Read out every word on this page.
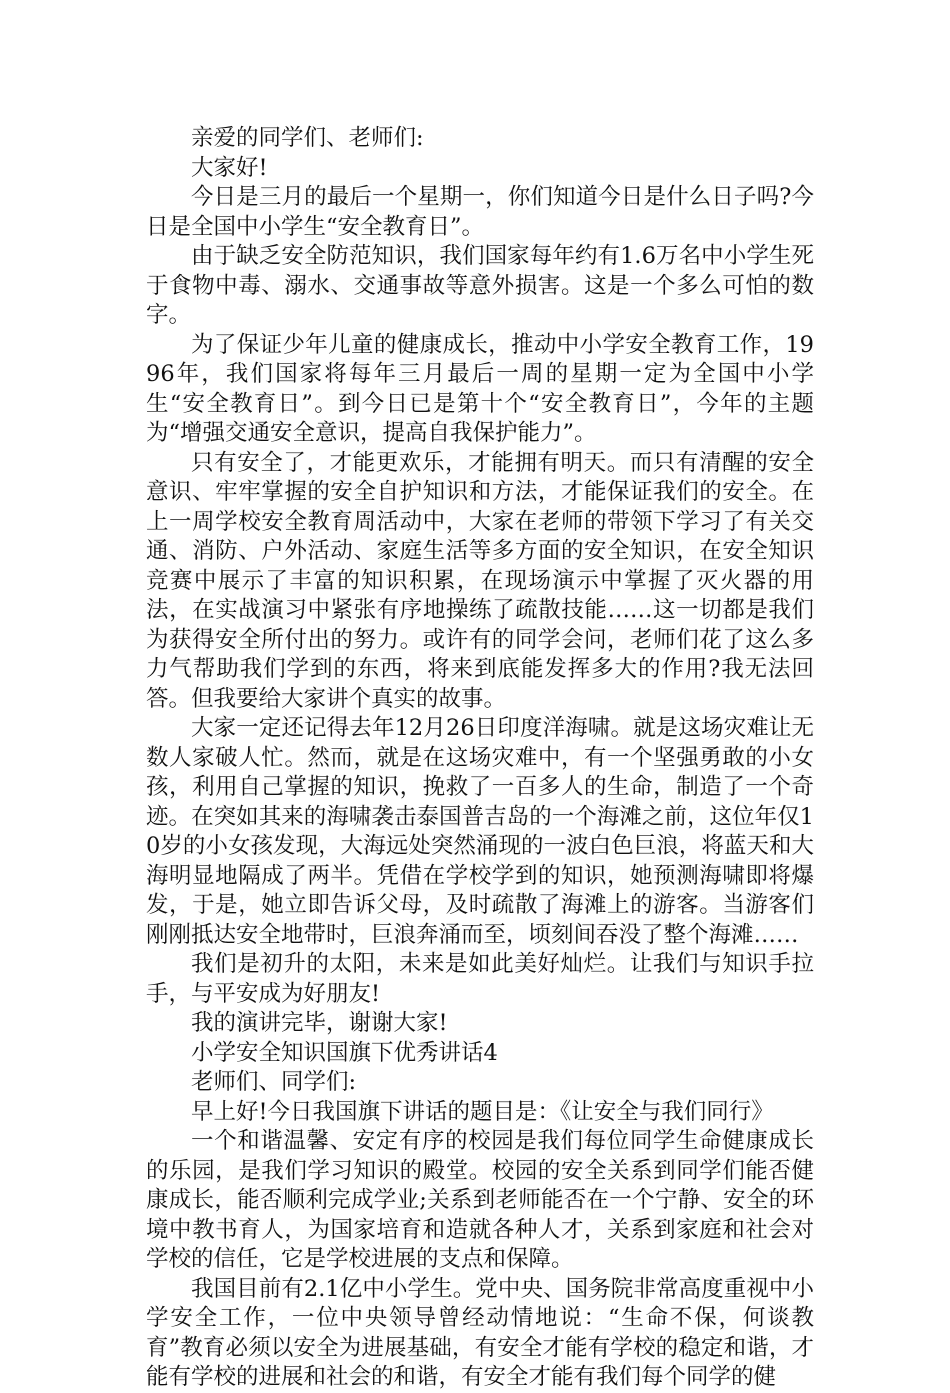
亲爱的同学们、老师们:

大家好!

今日是三月的最后一个星期一，你们知道今日是什么日子吗?今日是全国中小学生“安全教育日”。

由于缺乏安全防范知识，我们国家每年约有1.6万名中小学生死于食物中毒、溺水、交通事故等意外损害。这是一个多么可怕的数字。

为了保证少年儿童的健康成长，推动中小学安全教育工作，1996年，我们国家将每年三月最后一周的星期一定为全国中小学生“安全教育日”。到今日已是第十个“安全教育日”，今年的主题为“增强交通安全意识，提高自我保护能力”。

只有安全了，才能更欢乐，才能拥有明天。而只有清醒的安全意识、牢牢掌握的安全自护知识和方法，才能保证我们的安全。在上一周学校安全教育周活动中，大家在老师的带领下学习了有关交通、消防、户外活动、家庭生活等多方面的安全知识，在安全知识竞赛中展示了丰富的知识积累，在现场演示中掌握了灭火器的用法，在实战演习中紧张有序地操练了疏散技能……这一切都是我们为获得安全所付出的努力。或许有的同学会问，老师们花了这么多力气帮助我们学到的东西，将来到底能发挥多大的作用?我无法回答。但我要给大家讲个真实的故事。

大家一定还记得去年12月26日印度洋海啸。就是这场灾难让无数人家破人忙。然而，就是在这场灾难中，有一个坚强勇敢的小女孩，利用自己掌握的知识，挽救了一百多人的生命，制造了一个奇迹。在突如其来的海啸袭击泰国普吉岛的一个海滩之前，这位年仅10岁的小女孩发现，大海远处突然涌现的一波白色巨浪，将蓝天和大海明显地隔成了两半。凭借在学校学到的知识，她预测海啸即将爆发，于是，她立即告诉父母，及时疏散了海滩上的游客。当游客们刚刚抵达安全地带时，巨浪奔涌而至，顷刻间吞没了整个海滩……

我们是初升的太阳，未来是如此美好灿烂。让我们与知识手拉手，与平安成为好朋友!

我的演讲完毕，谢谢大家!

小学安全知识国旗下优秀讲话4

老师们、同学们:

早上好!今日我国旗下讲话的题目是：《让安全与我们同行》

一个和谐温馨、安定有序的校园是我们每位同学生命健康成长的乐园，是我们学习知识的殿堂。校园的安全关系到同学们能否健康成长，能否顺利完成学业;关系到老师能否在一个宁静、安全的环境中教书育人，为国家培育和造就各种人才，关系到家庭和社会对学校的信任，它是学校进展的支点和保障。

我国目前有2.1亿中小学生。党中央、国务院非常高度重视中小学安全工作，一位中央领导曾经动情地说：“生命不保，何谈教育”教育必须以安全为进展基础，有安全才能有学校的稳定和谐，才能有学校的进展和社会的和谐，有安全才能有我们每个同学的健
